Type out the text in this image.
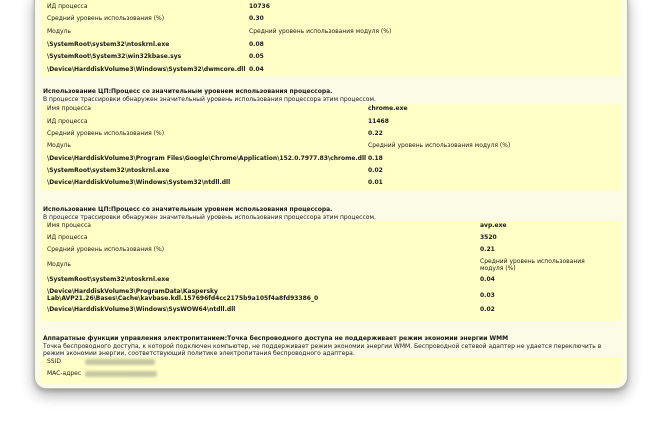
ИД процесса	10736
Средний уровень использования (%)	0.30
Модуль	Средний уровень использования модуля (%)
\SystemRoot\system32\ntoskrnl.exe	0.08
\SystemRoot\System32\win32kbase.sys	0.05
\Device\HarddiskVolume3\Windows\System32\dwmcore.dll 0.04
Использование ЦП:Процесс со значительным уровнем использования процессора.
В процессе трассировки обнаружен значительный уровень использования процессора этим процессом.
Имя процесса	chrome.exe
ИД процесса	11468
Средний уровень использования (%)	0.22
Модуль	Средний уровень использования модуля (%)
\Device\HarddiskVolume3\Program Files\Google\Chrome\Application\152.0.7977.83\chrome.dll 0.18
\SystemRoot\system32\ntoskrnl.exe	0.02
\Device\HarddiskVolume3\Windows\System32\ntdll.dll	0.01
Использование ЦП:Процесс со значительным уровнем использования процессора.
В процессе трассировки обнаружен значительный уровень использования процессора этим процессом.
Имя процесса	avp.exe
ИД процесса	3520
Средний уровень использования (%)	0.21
Модуль	Средний уровень использования модуля (%)
\SystemRoot\system32\ntoskrnl.exe	0.04
\Device\HarddiskVolume3\ProgramData\Kaspersky Lab\AVP21.26\Bases\Cache\kavbase.kdl.157696fd4cc2175b9a105f4a8fd93386_0	0.03
\Device\HarddiskVolume3\Windows\SysWOW64\ntdll.dll	0.02
Аппаратные функции управления электропитанием:Точка беспроводного доступа не поддерживает режим экономии энергии WMM
Точка беспроводного доступа, к которой подключен компьютер, не поддерживает режим экономии энергии WMM. Беспроводной сетевой адаптер не удается переключить в режим экономии энергии, соответствующий политике электропитания беспроводного адаптера.
SSID
MAC-адрес
